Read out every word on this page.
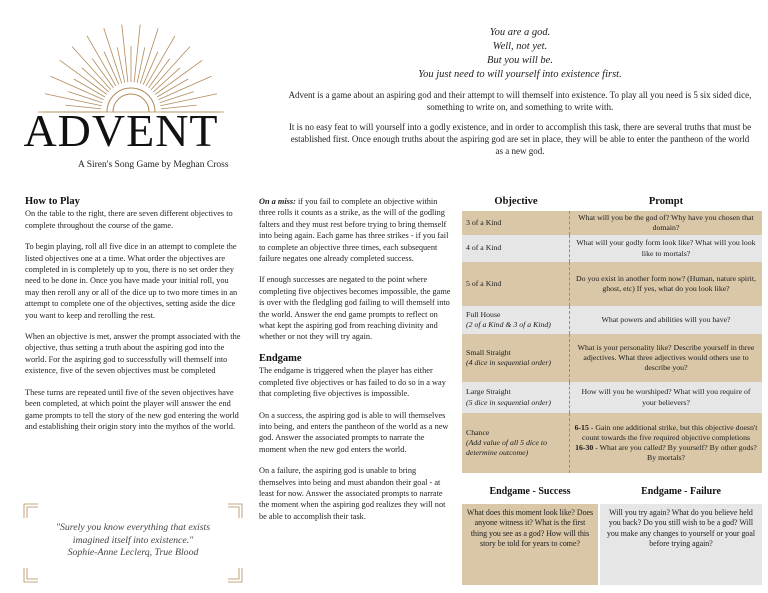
ADVENT
A Siren's Song Game by Meghan Cross
You are a god.
Well, not yet.
But you will be.
You just need to will yourself into existence first.

Advent is a game about an aspiring god and their attempt to will themself into existence. To play all you need is 5 six sided dice, something to write on, and something to write with.

It is no easy feat to will yourself into a godly existence, and in order to accomplish this task, there are several truths that must be established first. Once enough truths about the aspiring god are set in place, they will be able to enter the pantheon of the world as a new god.

How to Play

On the table to the right, there are seven different objectives to complete throughout the course of the game.

To begin playing, roll all five dice in an attempt to complete the listed objectives one at a time. What order the objectives are completed in is completely up to you, there is no set order they need to be done in. Once you have made your initial roll, you may then reroll any or all of the dice up to two more times in an attempt to complete one of the objectives, setting aside the dice you want to keep and rerolling the rest.

When an objective is met, answer the prompt associated with the objective, thus setting a truth about the aspiring god into the world. For the aspiring god to successfully will themself into existence, five of the seven objectives must be completed

These turns are repeated until five of the seven objectives have been completed, at which point the player will answer the end game prompts to tell the story of the new god entering the world and establishing their origin story into the mythos of the world.

"Surely you know everything that exists
imagined itself into existence."
Sophie-Anne Leclerq, True Blood

On a miss: if you fail to complete an objective within three rolls it counts as a strike, as the will of the godling falters and they must rest before trying to bring themself into being again. Each game has three strikes - if you fail to complete an objective three times, each subsequent failure negates one already completed success.

If enough successes are negated to the point where completing five objectives becomes impossible, the game is over with the fledgling god failing to will themself into the world. Answer the end game prompts to reflect on what kept the aspiring god from reaching divinity and whether or not they will try again.

Endgame

The endgame is triggered when the player has either completed five objectives or has failed to do so in a way that completing five objectives is impossible.

On a success, the aspiring god is able to will themselves into being, and enters the pantheon of the world as a new god. Answer the associated prompts to narrate the moment when the new god enters the world.

On a failure, the aspiring god is unable to bring themselves into being and must abandon their goal - at least for now. Answer the associated prompts to narrate the moment when the aspiring god realizes they will not be able to accomplish their task.

Objective	Prompt
3 of a Kind
What will you be the god of? Why have you chosen that domain?
4 of a Kind
What will your godly form look like? What will you look like to mortals?
5 of a Kind
Do you exist in another form now? (Human, nature spirit, ghost, etc) If yes, what do you look like?
Full House
(2 of a Kind & 3 of a Kind)
What powers and abilities will you have?
Small Straight
(4 dice in sequential order)
What is your personality like? Describe yourself in three adjectives. What three adjectives would others use to describe you?
Large Straight
(5 dice in sequential order)
How will you be worshiped? What will you require of your believers?
Chance
(Add value of all 5 dice to determine outcome)
6-15 - Gain one additional strike, but this objective doesn't count towards the five required objective completions
16-30 - What are you called? By yourself? By other gods? By mortals?
Endgame - Success
What does this moment look like? Does anyone witness it? What is the first thing you see as a god? How will this story be told for years to come?
Endgame - Failure
Will you try again? What do you believe held you back? Do you still wish to be a god? Will you make any changes to yourself or your goal before trying again?
